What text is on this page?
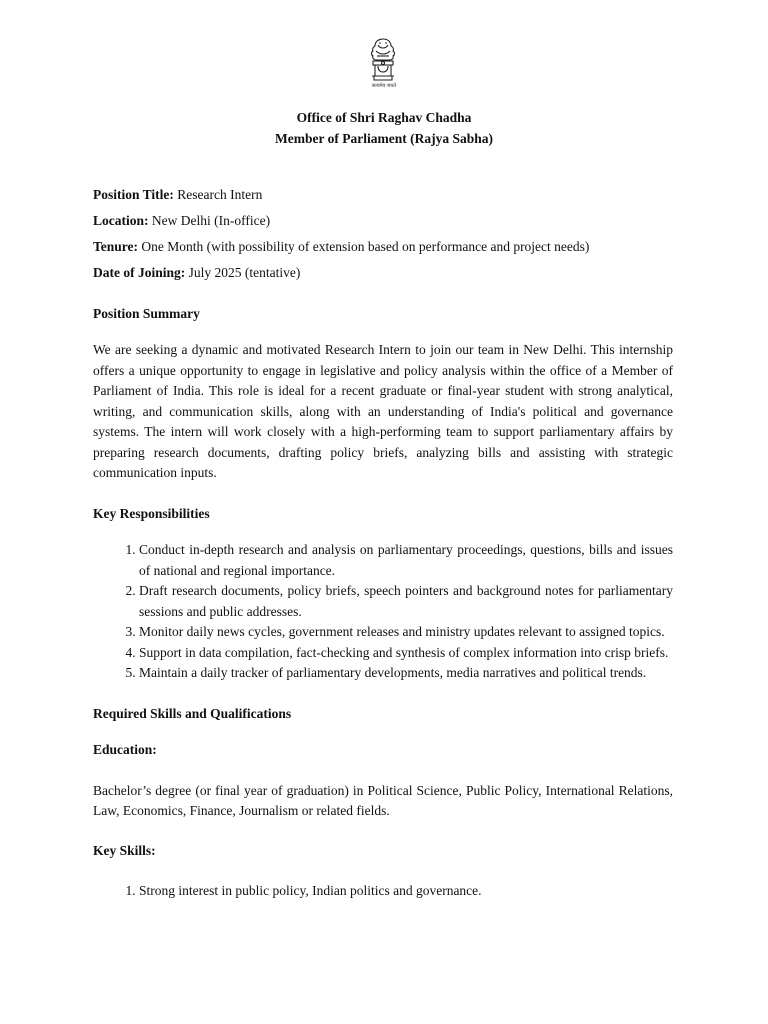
सत्यमेव जयते
Office of Shri Raghav Chadha
Member of Parliament (Rajya Sabha)
Position Title: Research Intern
Location: New Delhi (In-office)
Tenure: One Month (with possibility of extension based on performance and project needs)
Date of Joining: July 2025 (tentative)
Position Summary

We are seeking a dynamic and motivated Research Intern to join our team in New Delhi. This internship offers a unique opportunity to engage in legislative and policy analysis within the office of a Member of Parliament of India. This role is ideal for a recent graduate or final-year student with strong analytical, writing, and communication skills, along with an understanding of India's political and governance systems. The intern will work closely with a high-performing team to support parliamentary affairs by preparing research documents, drafting policy briefs, analyzing bills and assisting with strategic communication inputs.

Key Responsibilities
1. Conduct in-depth research and analysis on parliamentary proceedings, questions, bills and issues of national and regional importance.
2. Draft research documents, policy briefs, speech pointers and background notes for parliamentary sessions and public addresses.
3. Monitor daily news cycles, government releases and ministry updates relevant to assigned topics.
4. Support in data compilation, fact-checking and synthesis of complex information into crisp briefs.
5. Maintain a daily tracker of parliamentary developments, media narratives and political trends.
Required Skills and Qualifications
Education:

Bachelor’s degree (or final year of graduation) in Political Science, Public Policy, International Relations, Law, Economics, Finance, Journalism or related fields.

Key Skills:
1. Strong interest in public policy, Indian politics and governance.
